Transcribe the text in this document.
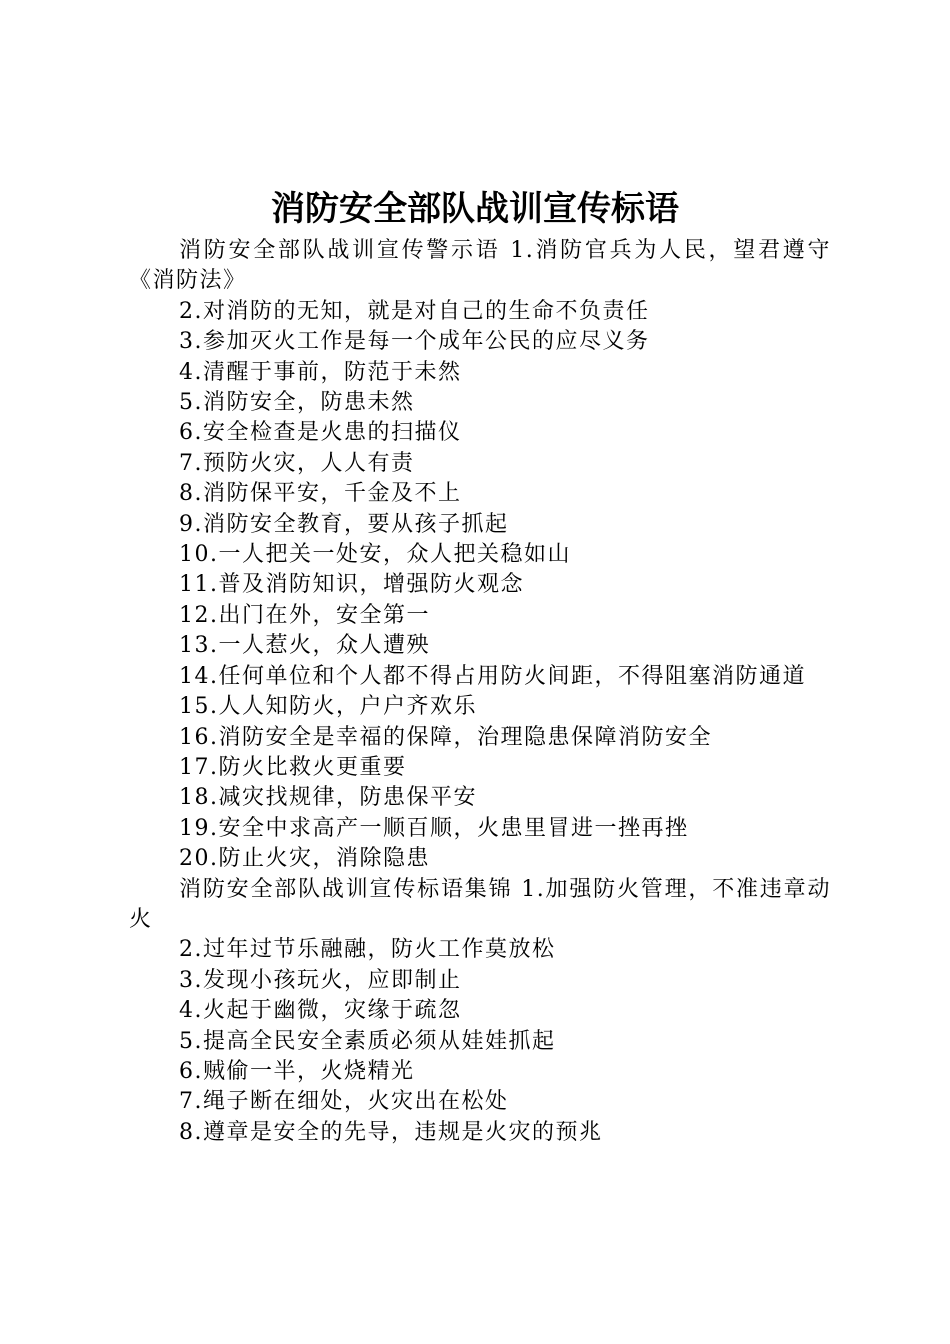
消防安全部队战训宣传标语

消防安全部队战训宣传警示语 1.消防官兵为人民，望君遵守《消防法》

2.对消防的无知，就是对自己的生命不负责任

3.参加灭火工作是每一个成年公民的应尽义务

4.清醒于事前，防范于未然

5.消防安全，防患未然

6.安全检查是火患的扫描仪

7.预防火灾，人人有责

8.消防保平安，千金及不上

9.消防安全教育，要从孩子抓起

10.一人把关一处安，众人把关稳如山

11.普及消防知识，增强防火观念

12.出门在外，安全第一

13.一人惹火，众人遭殃

14.任何单位和个人都不得占用防火间距，不得阻塞消防通道

15.人人知防火，户户齐欢乐

16.消防安全是幸福的保障，治理隐患保障消防安全

17.防火比救火更重要

18.减灾找规律，防患保平安

19.安全中求高产一顺百顺，火患里冒进一挫再挫

20.防止火灾，消除隐患

消防安全部队战训宣传标语集锦 1.加强防火管理，不准违章动火

2.过年过节乐融融，防火工作莫放松

3.发现小孩玩火，应即制止

4.火起于幽微，灾缘于疏忽

5.提高全民安全素质必须从娃娃抓起

6.贼偷一半，火烧精光

7.绳子断在细处，火灾出在松处

8.遵章是安全的先导，违规是火灾的预兆
